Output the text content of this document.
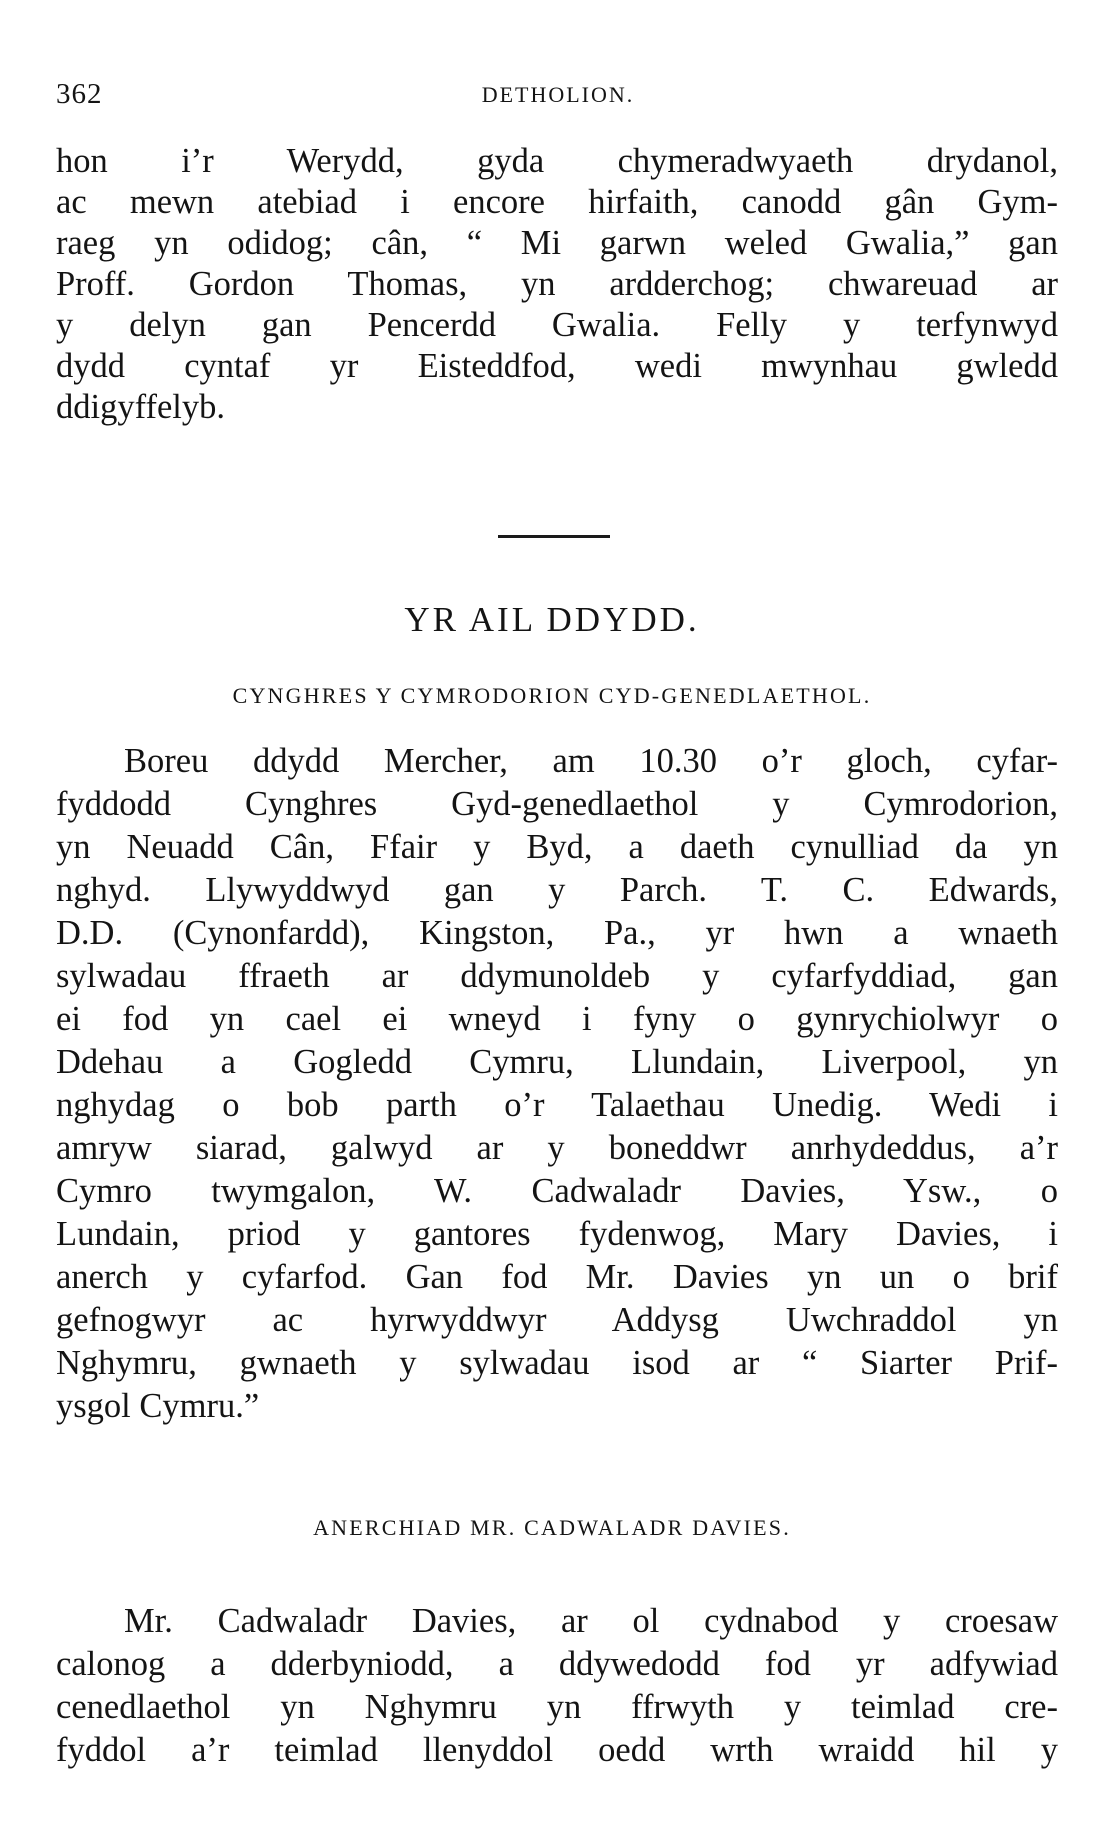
362	DETHOLION.
hon i’r Werydd, gyda chymeradwyaeth drydanol,
ac mewn atebiad i encore hirfaith, canodd gân Gym-
raeg yn odidog; cân, “ Mi garwn weled Gwalia,” gan
Proff. Gordon Thomas, yn ardderchog; chwareuad ar
y delyn gan Pencerdd Gwalia. Felly y terfynwyd
dydd cyntaf yr Eisteddfod, wedi mwynhau gwledd
ddigyffelyb.
YR AIL DDYDD.
CYNGHRES Y CYMRODORION CYD-GENEDLAETHOL.
Boreu ddydd Mercher, am 10.30 o’r gloch, cyfar-
fyddodd Cynghres Gyd-genedlaethol y Cymrodorion,
yn Neuadd Cân, Ffair y Byd, a daeth cynulliad da yn
nghyd. Llywyddwyd gan y Parch. T. C. Edwards,
D.D. (Cynonfardd), Kingston, Pa., yr hwn a wnaeth
sylwadau ffraeth ar ddymunoldeb y cyfarfyddiad, gan
ei fod yn cael ei wneyd i fyny o gynrychiolwyr o
Ddehau a Gogledd Cymru, Llundain, Liverpool, yn
nghydag o bob parth o’r Talaethau Unedig. Wedi i
amryw siarad, galwyd ar y boneddwr anrhydeddus, a’r
Cymro twymgalon, W. Cadwaladr Davies, Ysw., o
Lundain, priod y gantores fydenwog, Mary Davies, i
anerch y cyfarfod. Gan fod Mr. Davies yn un o brif
gefnogwyr ac hyrwyddwyr Addysg Uwchraddol yn
Nghymru, gwnaeth y sylwadau isod ar “ Siarter Prif-
ysgol Cymru.”
ANERCHIAD MR. CADWALADR DAVIES.
Mr. Cadwaladr Davies, ar ol cydnabod y croesaw
calonog a dderbyniodd, a ddywedodd fod yr adfywiad
cenedlaethol yn Nghymru yn ffrwyth y teimlad cre-
fyddol a’r teimlad llenyddol oedd wrth wraidd hil y
